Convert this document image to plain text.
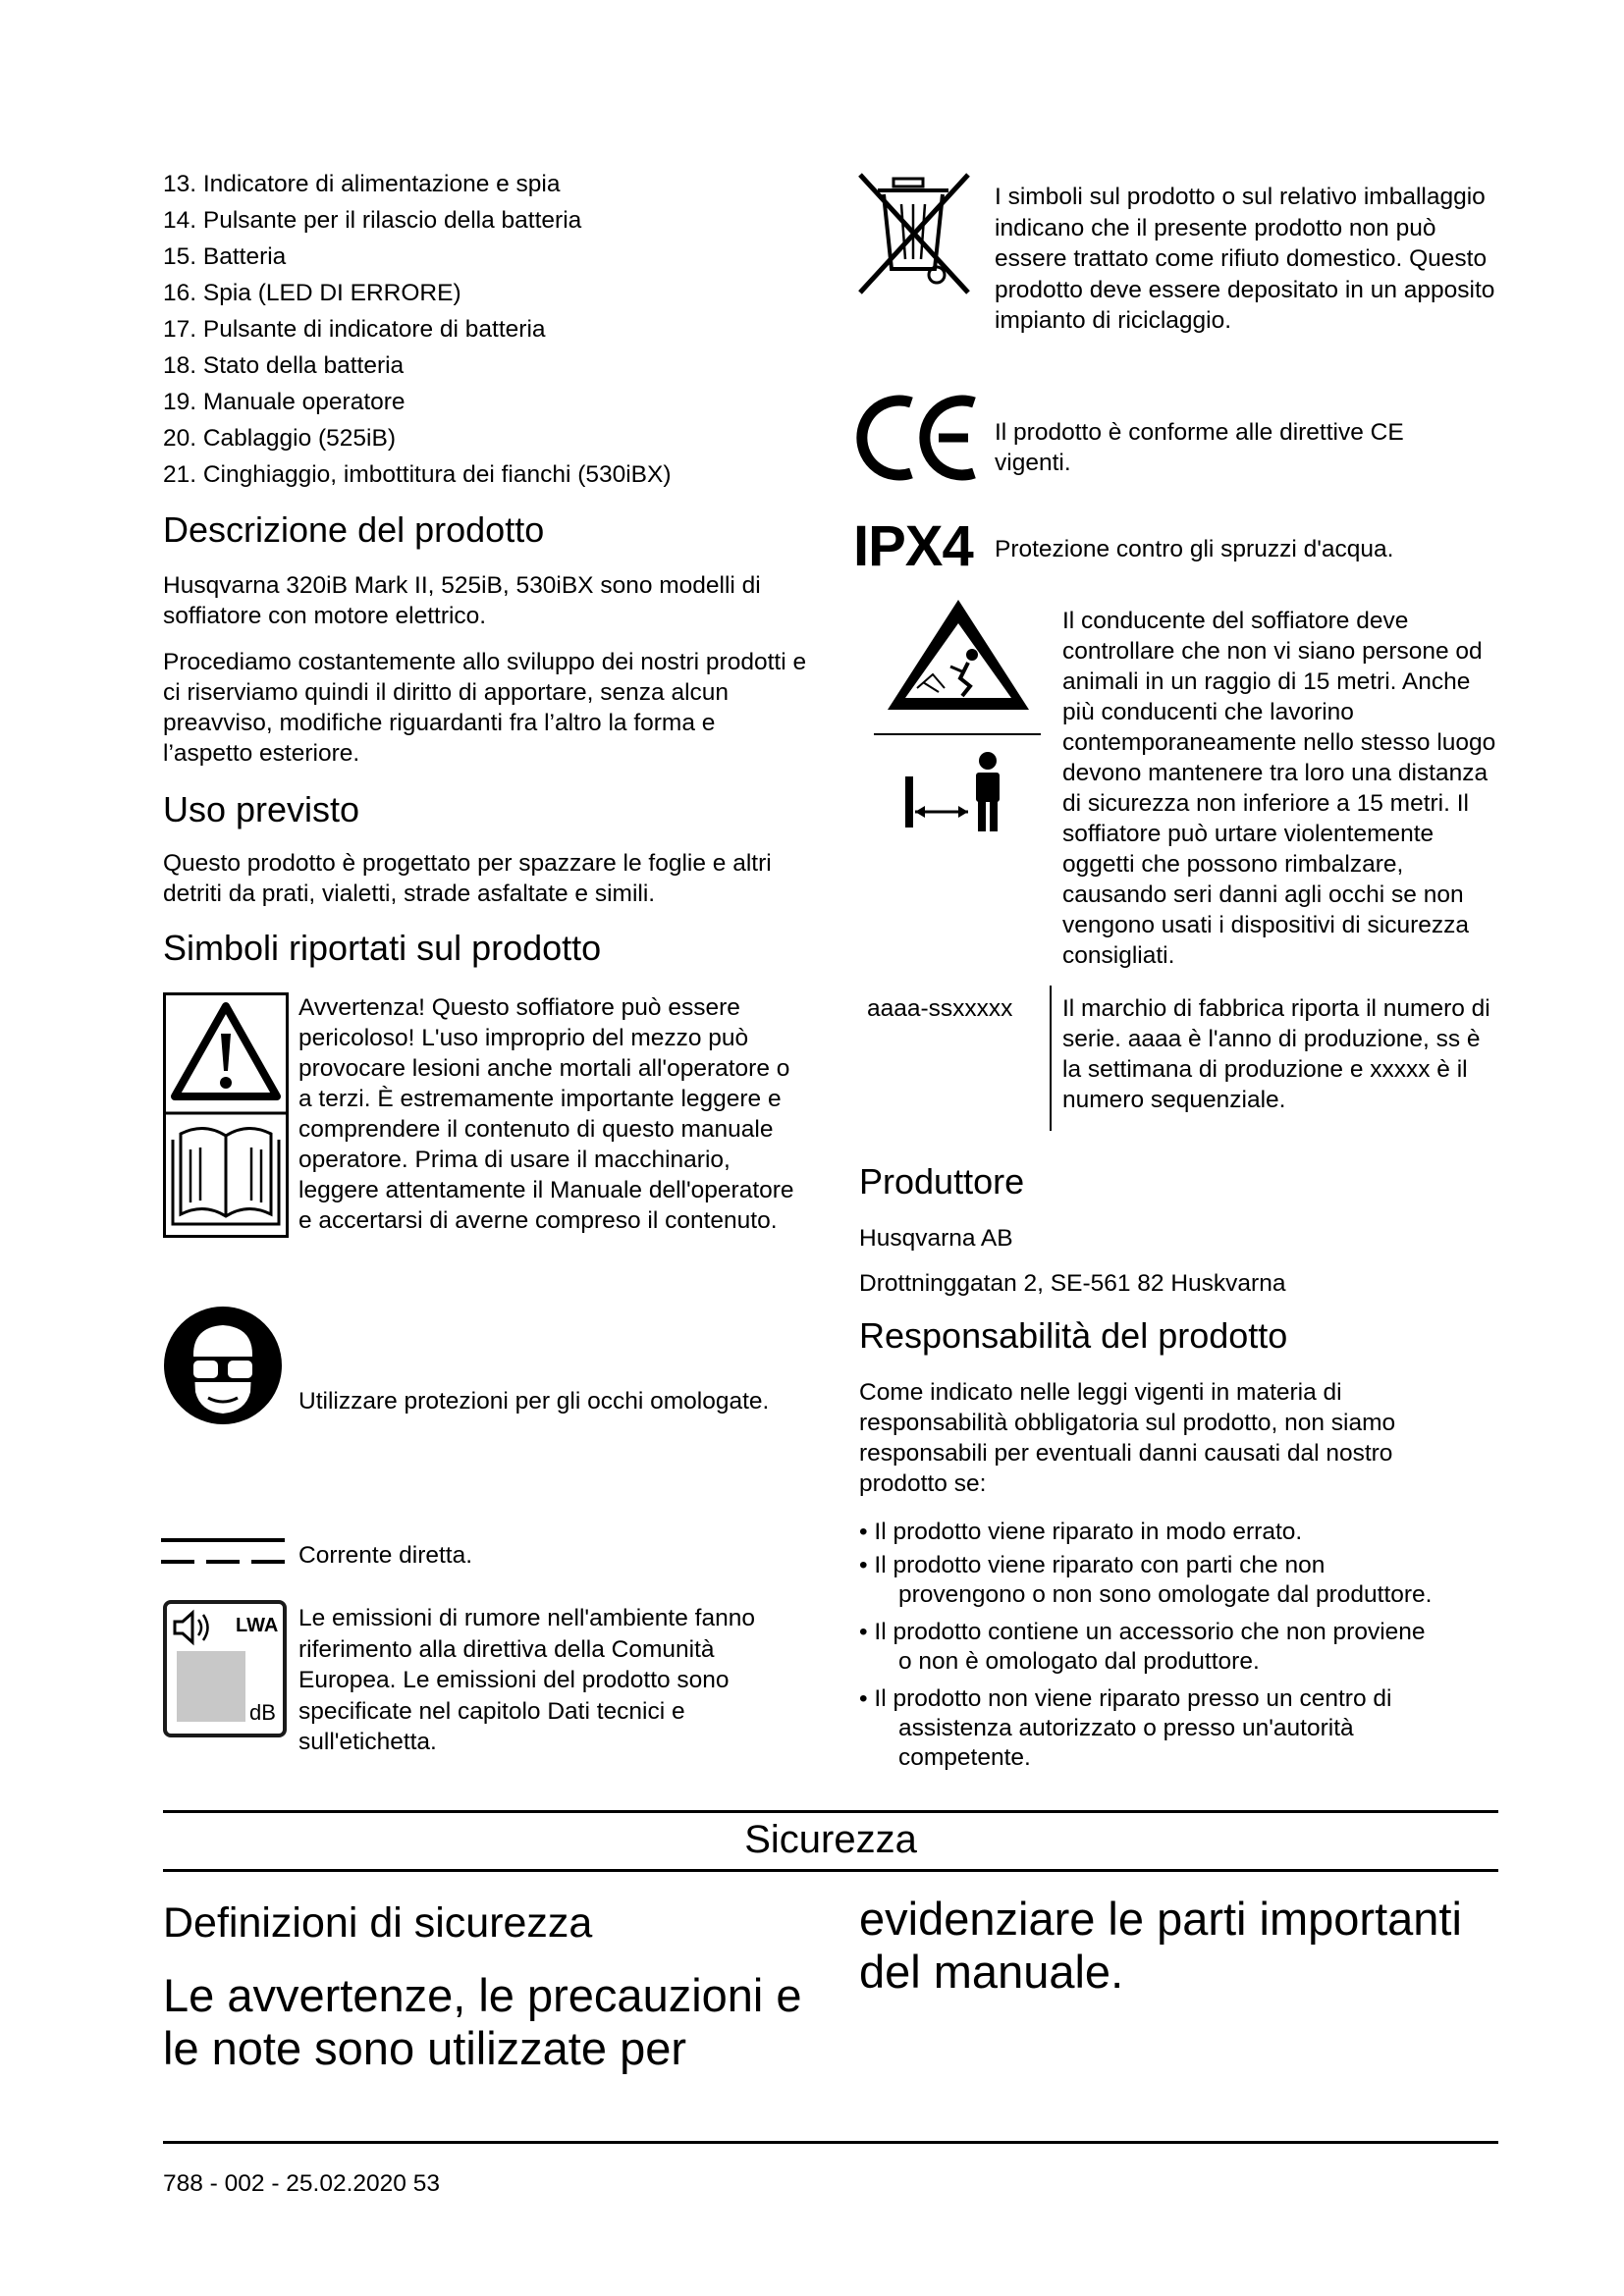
13. Indicatore di alimentazione e spia
14. Pulsante per il rilascio della batteria
15. Batteria
16. Spia (LED DI ERRORE)
17. Pulsante di indicatore di batteria
18. Stato della batteria
19. Manuale operatore
20. Cablaggio (525iB)
21. Cinghiaggio, imbottitura dei fianchi (530iBX)
Descrizione del prodotto

Husqvarna 320iB Mark II, 525iB, 530iBX sono modelli di soffiatore con motore elettrico.

Procediamo costantemente allo sviluppo dei nostri prodotti e ci riserviamo quindi il diritto di apportare, senza alcun preavviso, modifiche riguardanti fra l’altro la forma e l’aspetto esteriore.

Uso previsto

Questo prodotto è progettato per spazzare le foglie e altri detriti da prati, vialetti, strade asfaltate e simili.

Simboli riportati sul prodotto

Avvertenza! Questo soffiatore può essere pericoloso! L'uso improprio del mezzo può provocare lesioni anche mortali all'operatore o a terzi. È estremamente importante leggere e comprendere il contenuto di questo manuale operatore. Prima di usare il macchinario, leggere attentamente il Manuale dell'operatore e accertarsi di averne compreso il contenuto.

Utilizzare protezioni per gli occhi omologate.
Corrente diretta.
LWA
dB

Le emissioni di rumore nell'ambiente fanno riferimento alla direttiva della Comunità Europea. Le emissioni del prodotto sono specificate nel capitolo Dati tecnici e sull'etichetta.

I simboli sul prodotto o sul relativo imballaggio indicano che il presente prodotto non può essere trattato come rifiuto domestico. Questo prodotto deve essere depositato in un apposito impianto di riciclaggio.

Il prodotto è conforme alle direttive CE vigenti.

IPX4 Protezione contro gli spruzzi d'acqua.

Il conducente del soffiatore deve controllare che non vi siano persone od animali in un raggio di 15 metri. Anche più conducenti che lavorino contemporaneamente nello stesso luogo devono mantenere tra loro una distanza di sicurezza non inferiore a 15 metri. Il soffiatore può urtare violentemente oggetti che possono rimbalzare, causando seri danni agli occhi se non vengono usati i dispositivi di sicurezza consigliati.

aaaa-ssxxxxx	Il marchio di fabbrica riporta il numero di serie. aaaa è l'anno di produzione, ss è la settimana di produzione e xxxxx è il numero sequenziale.

Produttore
Husqvarna AB
Drottninggatan 2, SE-561 82 Huskvarna
Responsabilità del prodotto

Come indicato nelle leggi vigenti in materia di responsabilità obbligatoria sul prodotto, non siamo responsabili per eventuali danni causati dal nostro prodotto se:

• Il prodotto viene riparato in modo errato.
• Il prodotto viene riparato con parti che non
provengono o non sono omologate dal produttore.
• Il prodotto contiene un accessorio che non proviene
o non è omologato dal produttore.
• Il prodotto non viene riparato presso un centro di
assistenza autorizzato o presso un'autorità competente.
Sicurezza
Definizioni di sicurezza

Le avvertenze, le precauzioni e le note sono utilizzate per

evidenziare le parti importanti del manuale.

788 - 002 - 25.02.2020 53
